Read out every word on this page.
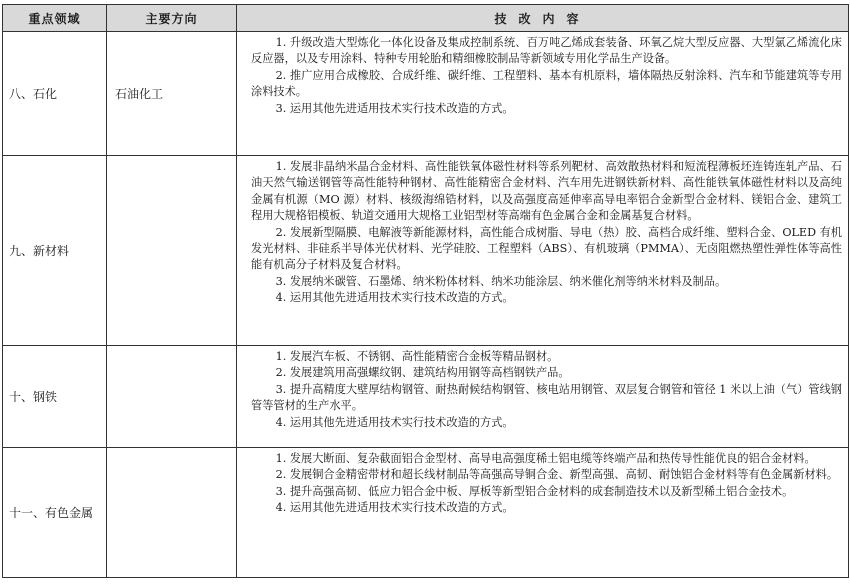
重点领域	主要方向	技改内容
八、石化	石油化工	1. 升级改造大型炼化一体化设备及集成控制系统、百万吨乙烯成套装备、环氧乙烷大型反应器、大型氯乙烯流化床反应器，以及专用涂料、特种专用轮胎和精细橡胶制品等新领域专用化学品生产设备。
2. 推广应用合成橡胶、合成纤维、碳纤维、工程塑料、基本有机原料，墙体隔热反射涂料、汽车和节能建筑等专用涂料技术。
3. 运用其他先进适用技术实行技术改造的方式。

九、新材料		1. 发展非晶纳米晶合金材料、高性能铁氧体磁性材料等系列靶材、高效散热材料和短流程薄板坯连铸连轧产品、石油天然气输送钢管等高性能特种钢材、高性能精密合金材料、汽车用先进钢铁新材料、高性能铁氧体磁性材料以及高纯金属有机源（MO 源）材料、核级海绵锆材料，以及高强度高延伸率高导电率铝合金新型合金材料、镁铝合金、建筑工程用大规格铝模板、轨道交通用大规格工业铝型材等高端有色金属合金和金属基复合材料。
2. 发展新型隔膜、电解液等新能源材料，高性能合成树脂、导电（热）胶、高档合成纤维、塑料合金、OLED 有机发光材料、非硅系半导体光伏材料、光学硅胶、工程塑料（ABS）、有机玻璃（PMMA）、无卤阻燃热塑性弹性体等高性能有机高分子材料及复合材料。
3. 发展纳米碳管、石墨烯、纳米粉体材料、纳米功能涂层、纳米催化剂等纳米材料及制品。
4. 运用其他先进适用技术实行技术改造的方式。

十、钢铁		1. 发展汽车板、不锈钢、高性能精密合金板等精品钢材。
2. 发展建筑用高强螺纹钢、建筑结构用钢等高档钢铁产品。
3. 提升高精度大壁厚结构钢管、耐热耐候结构钢管、核电站用钢管、双层复合钢管和管径 1 米以上油（气）管线钢管等管材的生产水平。
4. 运用其他先进适用技术实行技术改造的方式。

十一、有色金属		1. 发展大断面、复杂截面铝合金型材、高导电高强度稀土铝电缆等终端产品和热传导性能优良的铝合金材料。
2. 发展铜合金精密带材和超长线材制品等高强高导铜合金、新型高强、高韧、耐蚀铝合金材料等有色金属新材料。
3. 提升高强高韧、低应力铝合金中板、厚板等新型铝合金材料的成套制造技术以及新型稀土铝合金技术。
4. 运用其他先进适用技术实行技术改造的方式。
